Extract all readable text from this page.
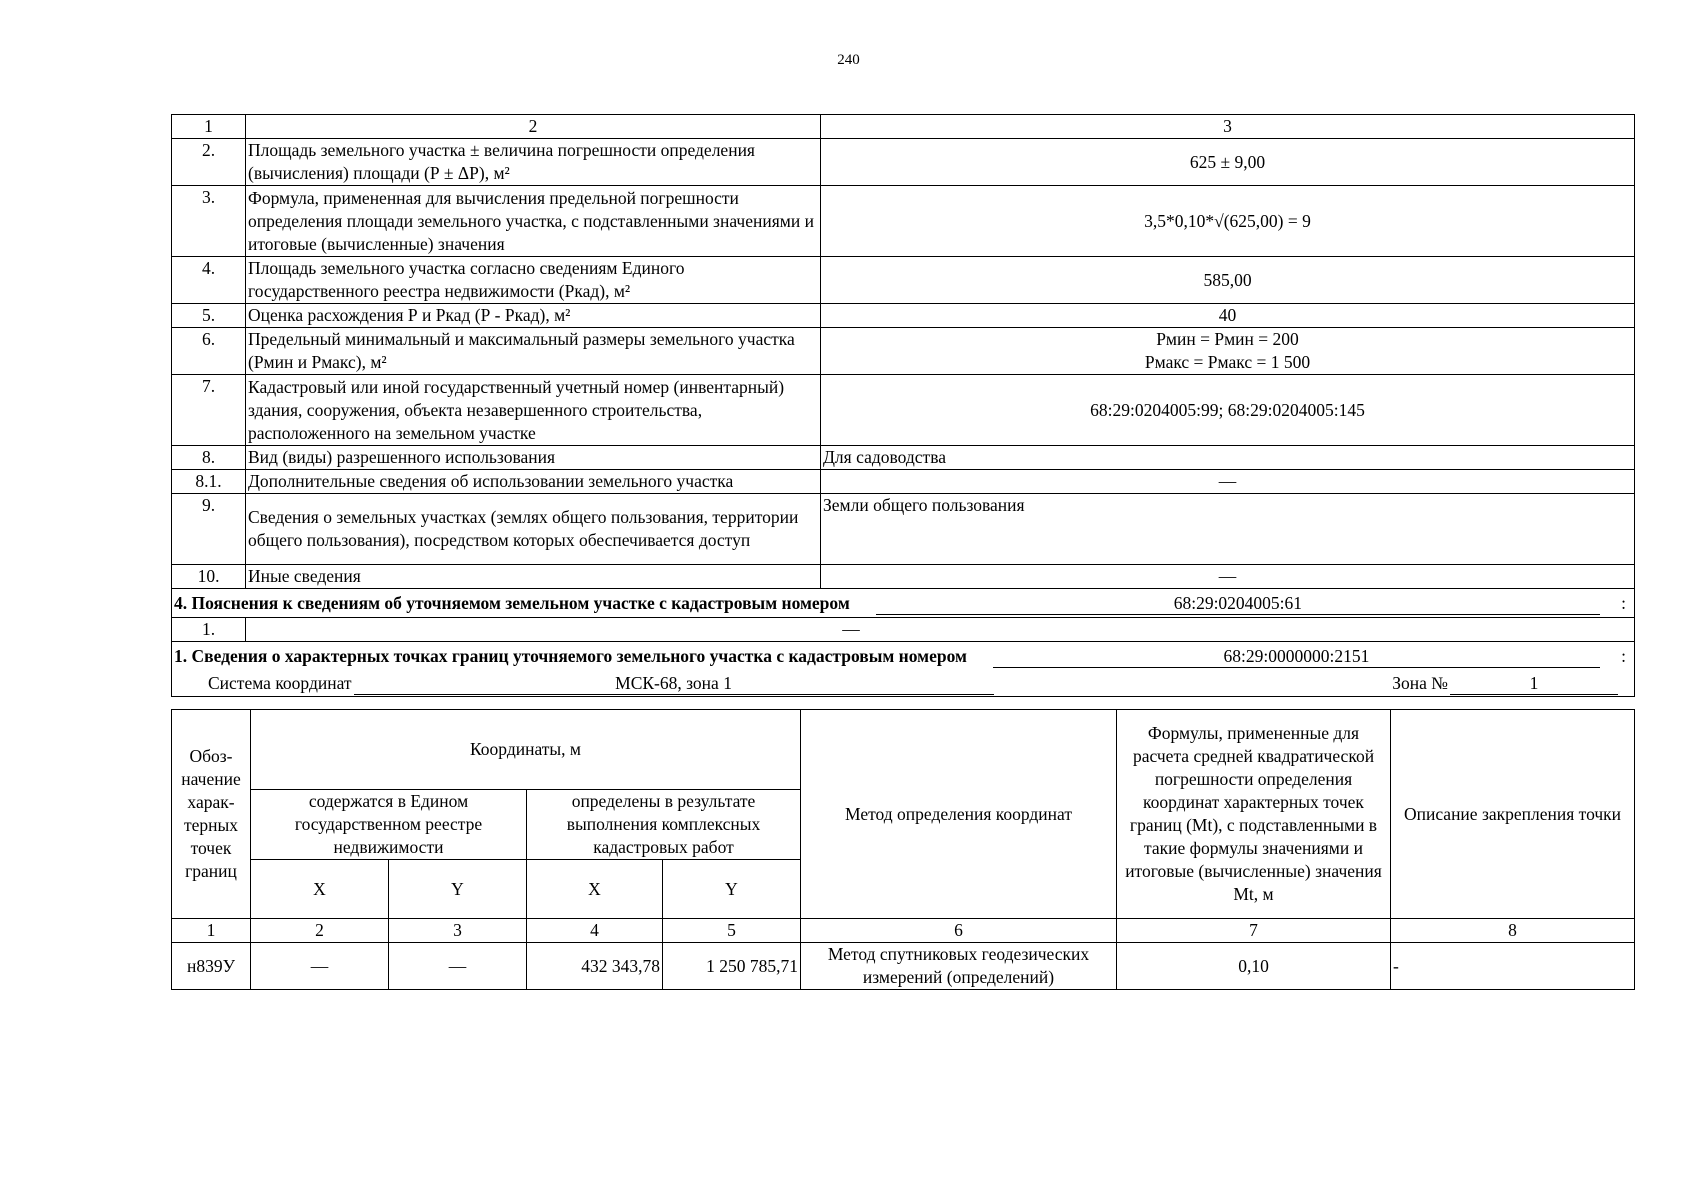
240
1	2	3
2.	Площадь земельного участка ± величина погрешности определения (вычисления) площади (Р ± ΔР), м²	625 ± 9,00
3.	Формула, примененная для вычисления предельной погрешности определения площади земельного участка, с подставленными значениями и итоговые (вычисленные) значения	3,5*0,10*√(625,00) = 9
4.	Площадь земельного участка согласно сведениям Единого государственного реестра недвижимости (Ркад), м²	585,00
5.	Оценка расхождения Р и Ркад (Р - Ркад), м²	40
6.	Предельный минимальный и максимальный размеры земельного участка (Рмин и Рмакс), м²	Рмин = Рмин = 200
Рмакс = Рмакс = 1 500

7.	Кадастровый или иной государственный учетный номер (инвентарный) здания, сооружения, объекта незавершенного строительства, расположенного на земельном участке	68:29:0204005:99; 68:29:0204005:145
8.	Вид (виды) разрешенного использования	Для садоводства
8.1.	Дополнительные сведения об использовании земельного участка	—
9.	Сведения о земельных участках (землях общего пользования, территории общего пользования), посредством которых обеспечивается доступ	Земли общего пользования
10.	Иные сведения	—

4. Пояснения к сведениям об уточняемом земельном участке с кадастровым номером 68:29:0204005:61 :		

1.	—	

1. Сведения о характерных точках границ уточняемого земельного участка с кадастровым номером 68:29:0000000:2151 :		

Система координат МСК-68, зона 1 Зона № 1		
Обоз-начение харак-терных точек границ	Координаты, м				Метод определения координат	Формулы, примененные для расчета средней квадратической погрешности определения координат характерных точек границ (Mt), с подставленными в такие формулы значениями и итоговые (вычисленные) значения Mt, м	Описание закрепления точки
	содержатся в Едином государственном реестре недвижимости		определены в результате выполнения комплексных кадастровых работ				
	X	Y	X	Y			
1	2	3	4	5	6	7	8
н839У	—	—	432 343,78	1 250 785,71	Метод спутниковых геодезических измерений (определений)	0,10	-
